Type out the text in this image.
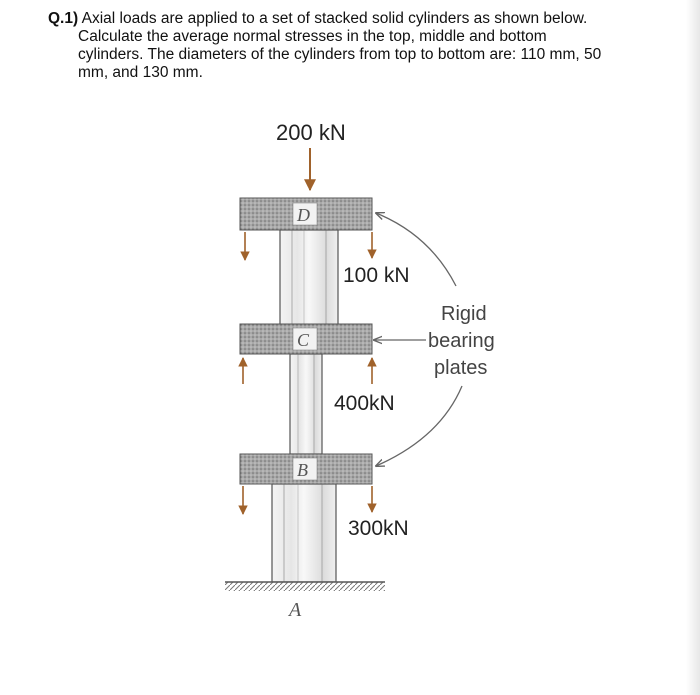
Q.1) Axial loads are applied to a set of stacked solid cylinders as shown below.
Calculate the average normal stresses in the top, middle and bottom
cylinders. The diameters of the cylinders from top to bottom are: 110 mm, 50
mm, and 130 mm.
200 kN
D
100 kN
C
400kN
B
300kN
A
Rigid
bearing
plates
